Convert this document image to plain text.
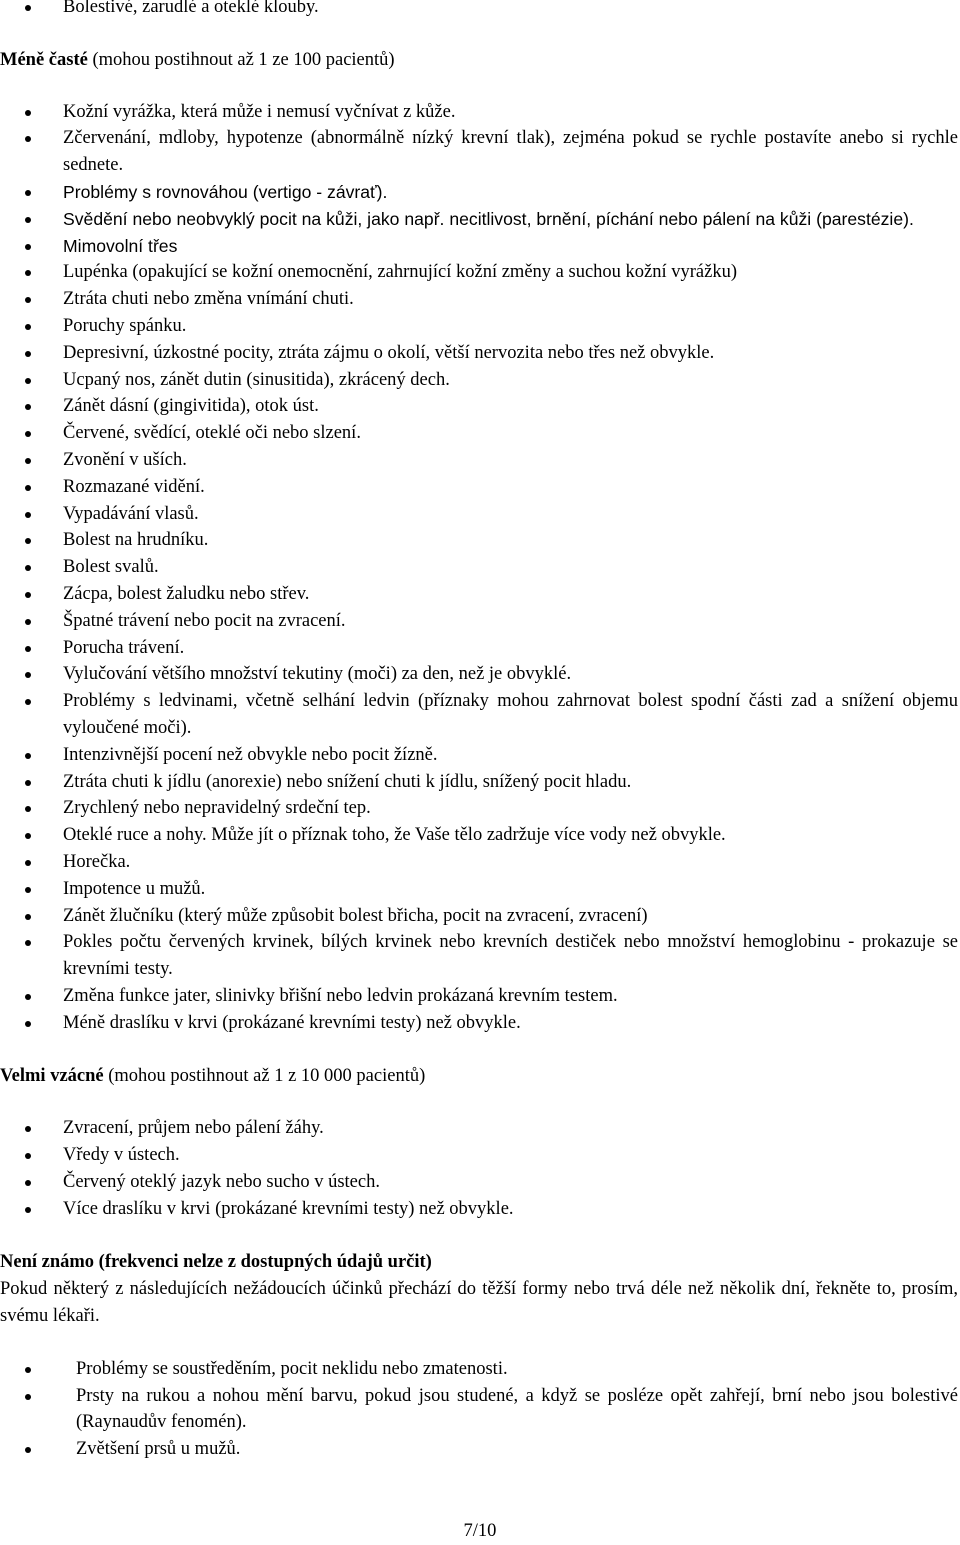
Bolestivé, zarudlé a oteklé klouby.

Méně časté (mohou postihnout až 1 ze 100 pacientů)

Kožní vyrážka, která může i nemusí vyčnívat z kůže.
Zčervenání, mdloby, hypotenze (abnormálně nízký krevní tlak), zejména pokud se rychle postavíte anebo si rychle sednete.
Problémy s rovnováhou (vertigo - závrať).
Svědění nebo neobvyklý pocit na kůži, jako např. necitlivost, brnění, píchání nebo pálení na kůži (parestézie).
Mimovolní třes
Lupénka (opakující se kožní onemocnění, zahrnující kožní změny a suchou kožní vyrážku)
Ztráta chuti nebo změna vnímání chuti.
Poruchy spánku.
Depresivní, úzkostné pocity, ztráta zájmu o okolí, větší nervozita nebo třes než obvykle.
Ucpaný nos, zánět dutin (sinusitida), zkrácený dech.
Zánět dásní (gingivitida), otok úst.
Červené, svědící, oteklé oči nebo slzení.
Zvonění v uších.
Rozmazané vidění.
Vypadávání vlasů.
Bolest na hrudníku.
Bolest svalů.
Zácpa, bolest žaludku nebo střev.
Špatné trávení nebo pocit na zvracení.
Porucha trávení.
Vylučování většího množství tekutiny (moči) za den, než je obvyklé.
Problémy s ledvinami, včetně selhání ledvin (příznaky mohou zahrnovat bolest spodní části zad a snížení objemu vyloučené moči).
Intenzivnější pocení než obvykle nebo pocit žízně.
Ztráta chuti k jídlu (anorexie) nebo snížení chuti k jídlu, snížený pocit hladu.
Zrychlený nebo nepravidelný srdeční tep.
Oteklé ruce a nohy. Může jít o příznak toho, že Vaše tělo zadržuje více vody než obvykle.
Horečka.
Impotence u mužů.
Zánět žlučníku (který může způsobit bolest břicha, pocit na zvracení, zvracení)
Pokles počtu červených krvinek, bílých krvinek nebo krevních destiček nebo množství hemoglobinu - prokazuje se krevními testy.
Změna funkce jater, slinivky břišní nebo ledvin prokázaná krevním testem.
Méně draslíku v krvi (prokázané krevními testy) než obvykle.

Velmi vzácné (mohou postihnout až 1 z 10 000 pacientů)

Zvracení, průjem nebo pálení žáhy.
Vředy v ústech.
Červený oteklý jazyk nebo sucho v ústech.
Více draslíku v krvi (prokázané krevními testy) než obvykle.

Není známo (frekvenci nelze z dostupných údajů určit)

Pokud některý z následujících nežádoucích účinků přechází do těžší formy nebo trvá déle než několik dní, řekněte to, prosím, svému lékaři.

Problémy se soustředěním, pocit neklidu nebo zmatenosti.
Prsty na rukou a nohou mění barvu, pokud jsou studené, a když se posléze opět zahřejí, brní nebo jsou bolestivé (Raynaudův fenomén).
Zvětšení prsů u mužů.
7/10
